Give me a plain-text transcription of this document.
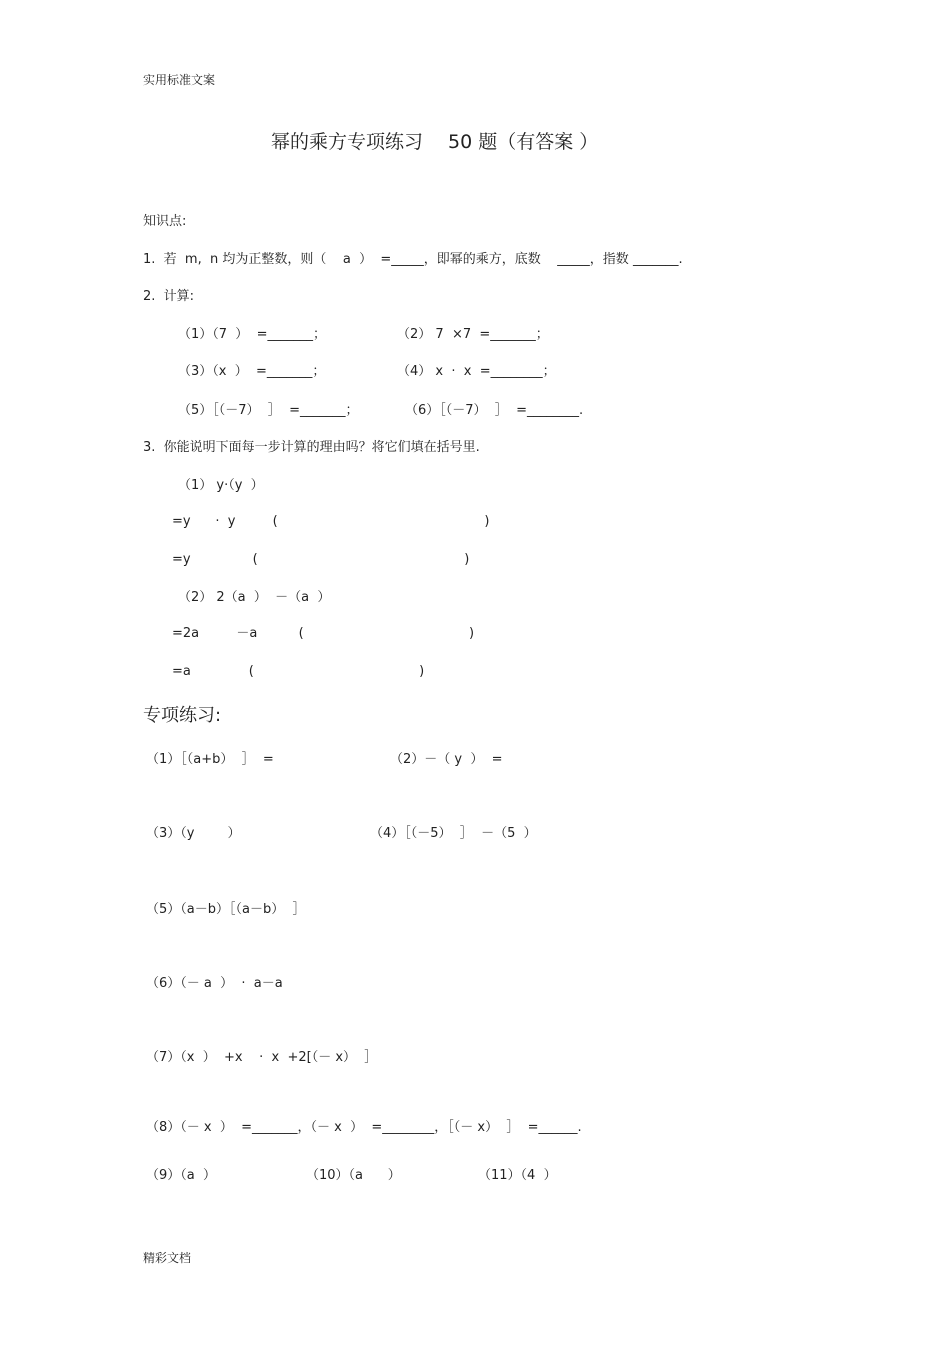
实用标准文案
幂的乘方专项练习　 50 题（有答案 ）
知识点:
1.  若  m,  n 均为正整数，则（    a  ）  =_____，即幂的乘方，底数    _____，指数 _______.
2.  计算:
（1）（7  ）  =_______；	（2） 7  ×7  =_______；
（3）（x  ）  =_______；	（4） x  ·  x  =________；
（5）［（－7）  ］  =_______；	（6）［（－7）  ］  =________.
3.  你能说明下面每一步计算的理由吗？将它们填在括号里.
（1） y·（y  ）
=y      ·  y         (                                                  )
=y               (                                                  )
（2） 2（a  ）  －（a  ）
=2a         －a          (                                        )
=a              (                                        )
专项练习:
（1）［（a+b）  ］  =	（2）－（ y  ）  =
（3）（y        ）	（4）［（－5）  ］  －（5  ）
（5）（a－b）［（a－b）  ］
（6）（－ a  ）  ·  a－a
（7）（x  ）  +x    ·  x  +2[（－ x）  ］
（8）（－ x  ）  =_______，（－ x  ）  =________，［（－ x）  ］  =______.
（9）（a  ）	（10）（a      ）	（11）（4  ）
精彩文档
